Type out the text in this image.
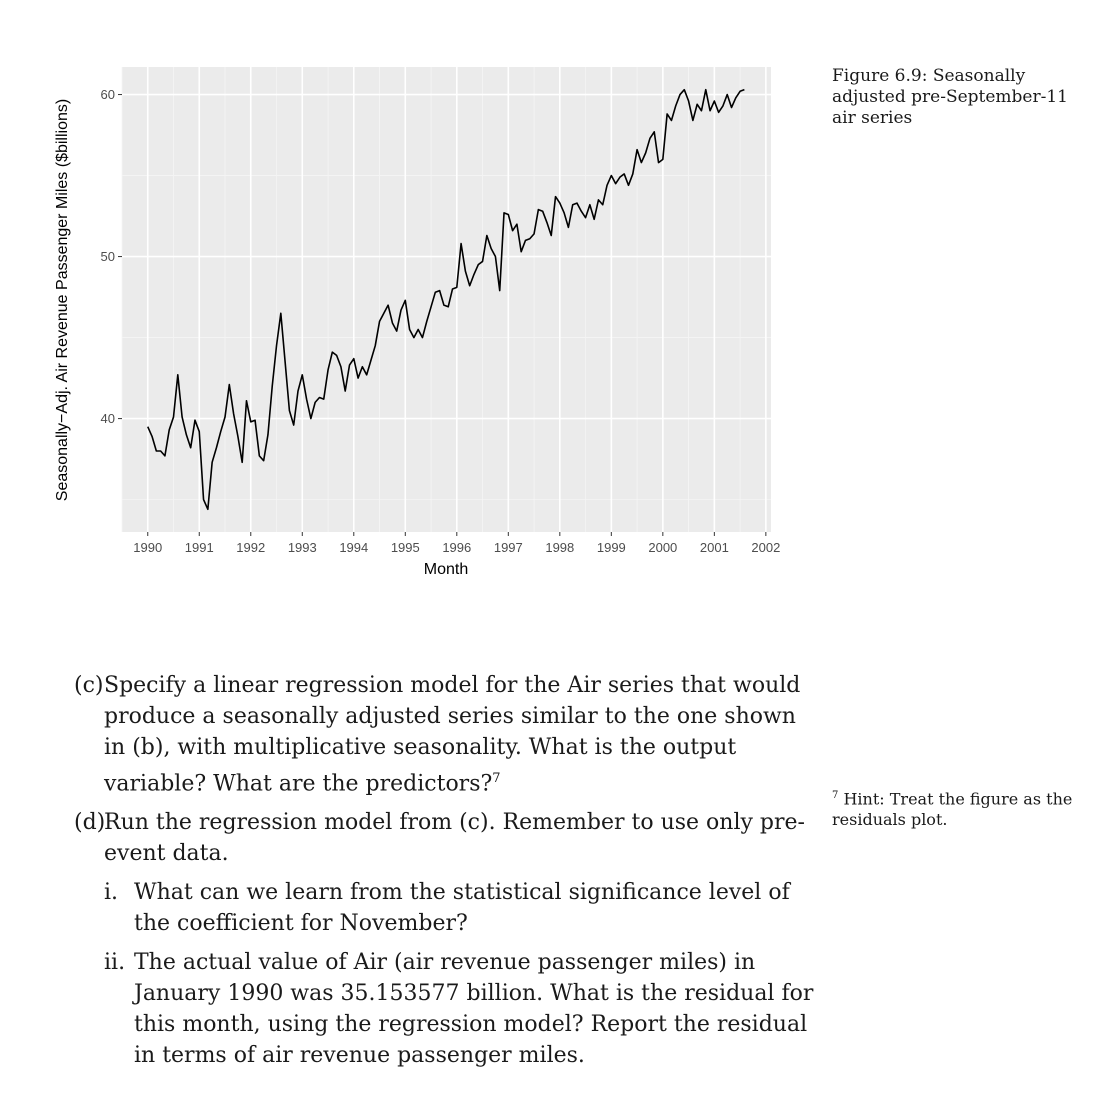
40
50
60
1990 1991 1992 1993 1994 1995 1996 1997 1998 1999 2000 2001 2002
Month
Seasonally−Adj. Air Revenue Passenger Miles ($billions)
Figure 6.9: Seasonally adjusted pre-September-11 air series
$^7$ Hint: Treat the figure as the residuals plot.
(c) Specify a linear regression model for the Air series that would produce a seasonally adjusted series similar to the one shown in (b), with multiplicative seasonality. What is the output variable? What are the predictors?$^7$
(d)
Run the regression model from (c). Remember to use only pre-event data.
i. What can we learn from the statistical significance level of the coefficient for November?
ii. The actual value of Air (air revenue passenger miles) in January 1990 was 35.153577 billion. What is the residual for this month, using the regression model? Report the residual in terms of air revenue passenger miles.
